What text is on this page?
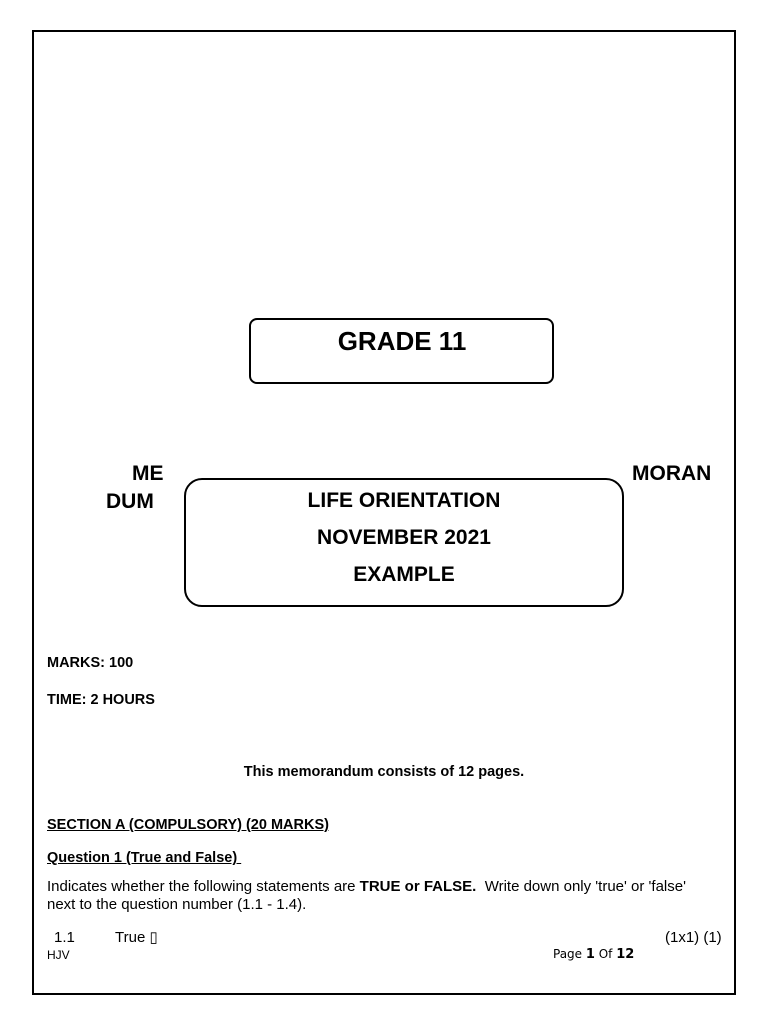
GRADE 11
ME
DUM
MORAN
LIFE ORIENTATION
NOVEMBER 2021
EXAMPLE
MARKS: 100
TIME: 2 HOURS
This memorandum consists of 12 pages.
SECTION A (COMPULSORY) (20 MARKS)
Question 1 (True and False)
Indicates whether the following statements are TRUE or FALSE.  Write down only 'true' or 'false'
next to the question number (1.1 - 1.4).
1.1	True ▯	(1x1) (1)
HJV	Page 1 Of 12
